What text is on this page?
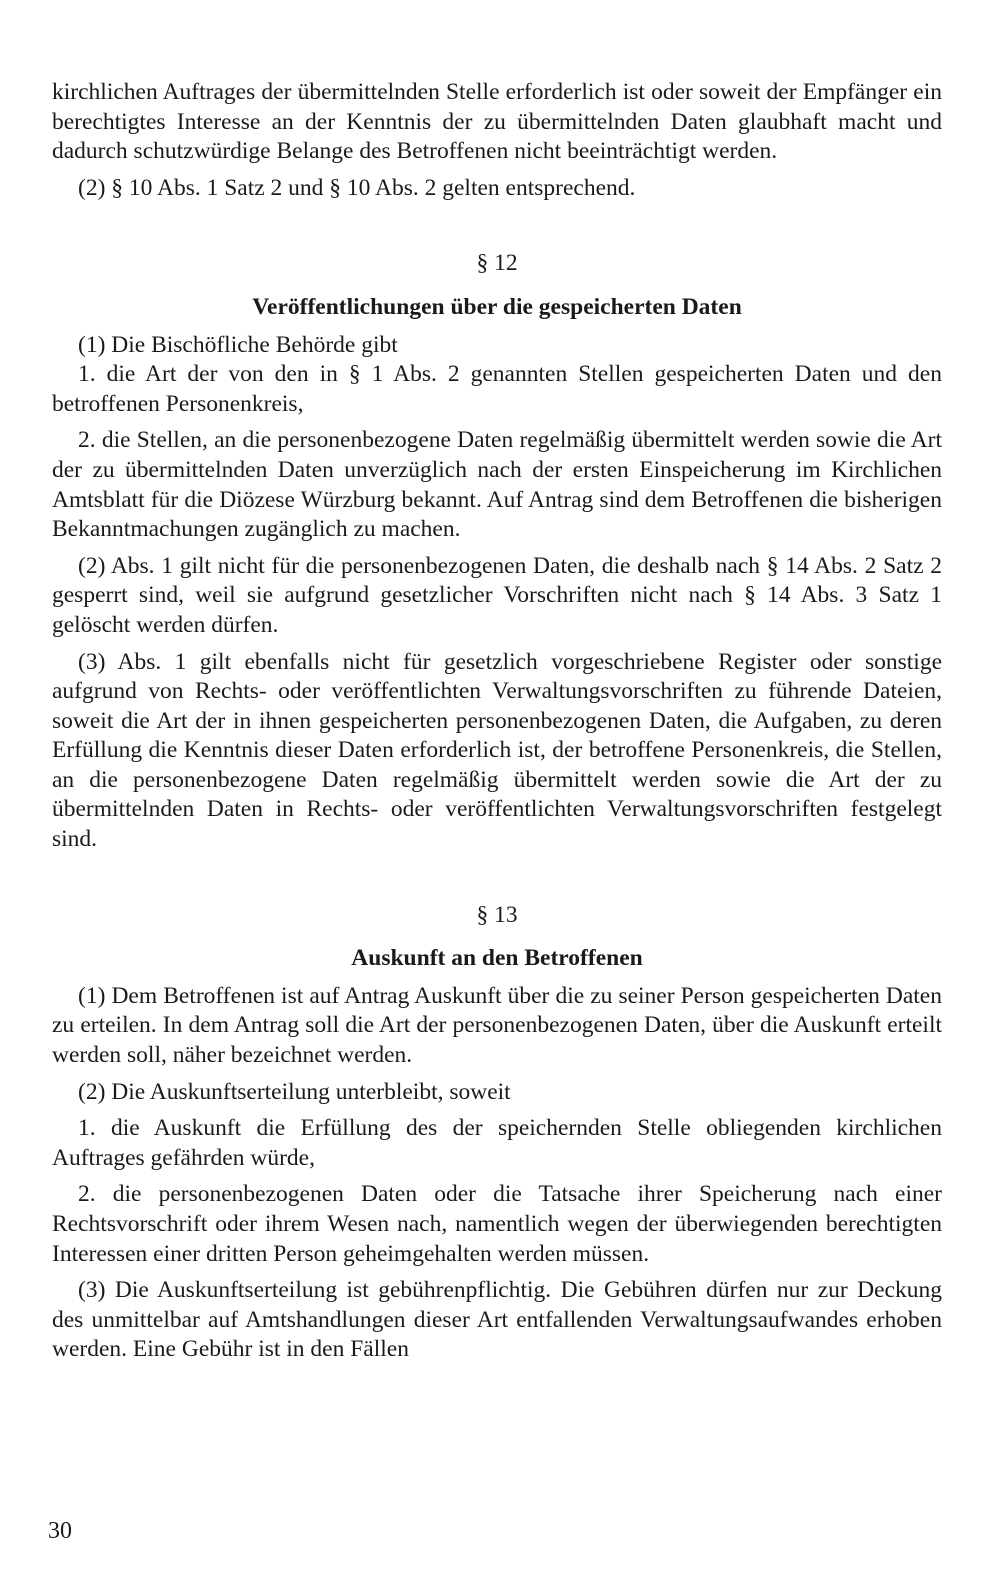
kirchlichen Auftrages der übermittelnden Stelle erforderlich ist oder soweit der Empfänger ein berechtigtes Interesse an der Kenntnis der zu übermittelnden Daten glaubhaft macht und dadurch schutzwürdige Belange des Betroffenen nicht beeinträchtigt werden.

(2) § 10 Abs. 1 Satz 2 und § 10 Abs. 2 gelten entsprechend.

§ 12
Veröffentlichungen über die gespeicherten Daten

(1) Die Bischöfliche Behörde gibt

1. die Art der von den in § 1 Abs. 2 genannten Stellen gespeicherten Daten und den betroffenen Personenkreis,

2. die Stellen, an die personenbezogene Daten regelmäßig übermittelt werden sowie die Art der zu übermittelnden Daten unverzüglich nach der ersten Einspeicherung im Kirchlichen Amtsblatt für die Diözese Würzburg bekannt. Auf Antrag sind dem Betroffenen die bisherigen Bekanntmachungen zugänglich zu machen.

(2) Abs. 1 gilt nicht für die personenbezogenen Daten, die deshalb nach § 14 Abs. 2 Satz 2 gesperrt sind, weil sie aufgrund gesetzlicher Vorschriften nicht nach § 14 Abs. 3 Satz 1 gelöscht werden dürfen.

(3) Abs. 1 gilt ebenfalls nicht für gesetzlich vorgeschriebene Register oder sonstige aufgrund von Rechts- oder veröffentlichten Verwaltungsvorschriften zu führende Dateien, soweit die Art der in ihnen gespeicherten personenbezogenen Daten, die Aufgaben, zu deren Erfüllung die Kenntnis dieser Daten erforderlich ist, der betroffene Personenkreis, die Stellen, an die personenbezogene Daten regelmäßig übermittelt werden sowie die Art der zu übermittelnden Daten in Rechts- oder veröffentlichten Verwaltungsvorschriften festgelegt sind.

§ 13
Auskunft an den Betroffenen

(1) Dem Betroffenen ist auf Antrag Auskunft über die zu seiner Person gespeicherten Daten zu erteilen. In dem Antrag soll die Art der personenbezogenen Daten, über die Auskunft erteilt werden soll, näher bezeichnet werden.

(2) Die Auskunftserteilung unterbleibt, soweit

1. die Auskunft die Erfüllung des der speichernden Stelle obliegenden kirchlichen Auftrages gefährden würde,

2. die personenbezogenen Daten oder die Tatsache ihrer Speicherung nach einer Rechtsvorschrift oder ihrem Wesen nach, namentlich wegen der überwiegenden berechtigten Interessen einer dritten Person geheimgehalten werden müssen.

(3) Die Auskunftserteilung ist gebührenpflichtig. Die Gebühren dürfen nur zur Deckung des unmittelbar auf Amtshandlungen dieser Art entfallenden Verwaltungsaufwandes erhoben werden. Eine Gebühr ist in den Fällen

30
